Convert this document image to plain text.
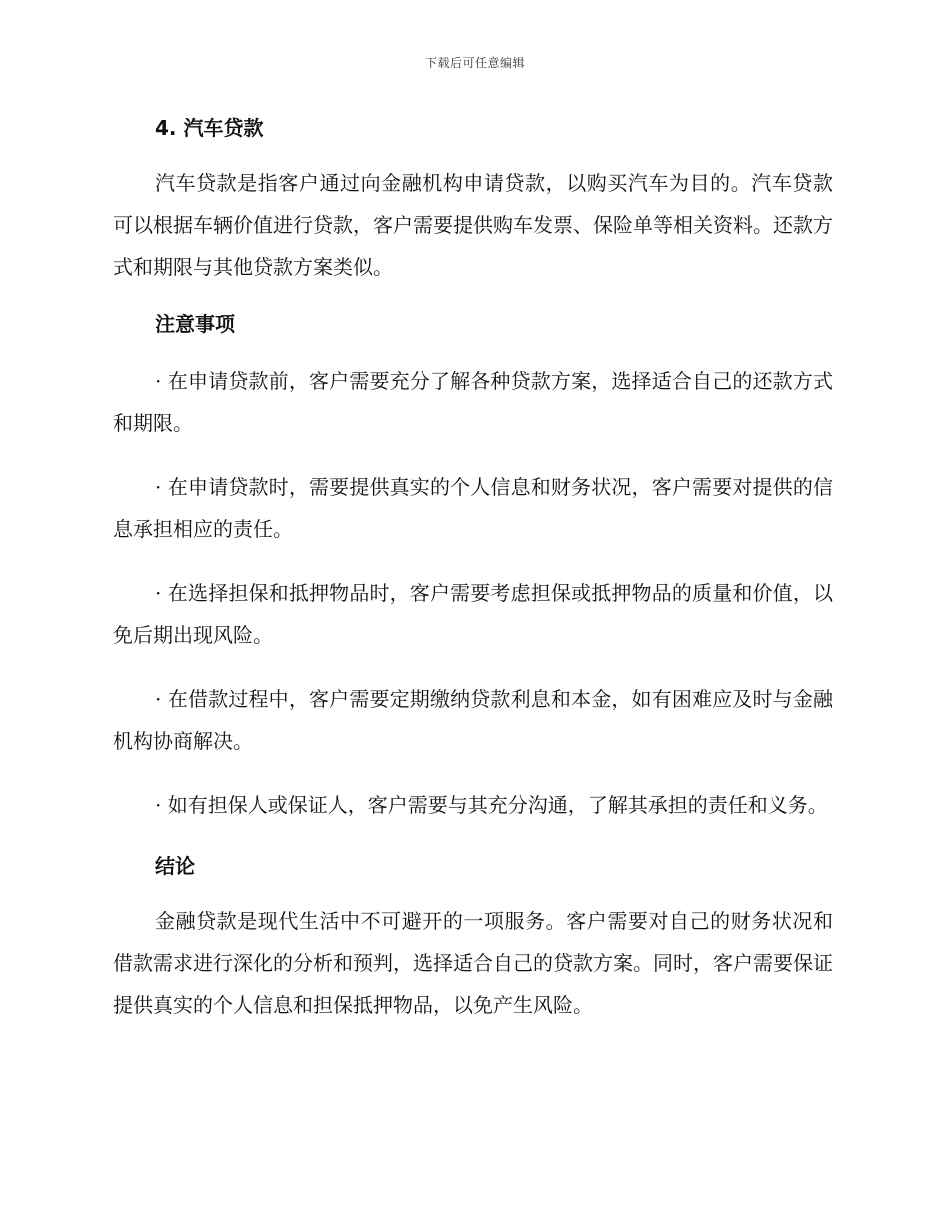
下载后可任意编辑

4. 汽车贷款

汽车贷款是指客户通过向金融机构申请贷款，以购买汽车为目的。汽车贷款可以根据车辆价值进行贷款，客户需要提供购车发票、保险单等相关资料。还款方式和期限与其他贷款方案类似。

注意事项

· 在申请贷款前，客户需要充分了解各种贷款方案，选择适合自己的还款方式和期限。

· 在申请贷款时，需要提供真实的个人信息和财务状况，客户需要对提供的信息承担相应的责任。

· 在选择担保和抵押物品时，客户需要考虑担保或抵押物品的质量和价值，以免后期出现风险。

· 在借款过程中，客户需要定期缴纳贷款利息和本金，如有困难应及时与金融机构协商解决。

· 如有担保人或保证人，客户需要与其充分沟通，了解其承担的责任和义务。

结论

金融贷款是现代生活中不可避开的一项服务。客户需要对自己的财务状况和借款需求进行深化的分析和预判，选择适合自己的贷款方案。同时，客户需要保证提供真实的个人信息和担保抵押物品，以免产生风险。
